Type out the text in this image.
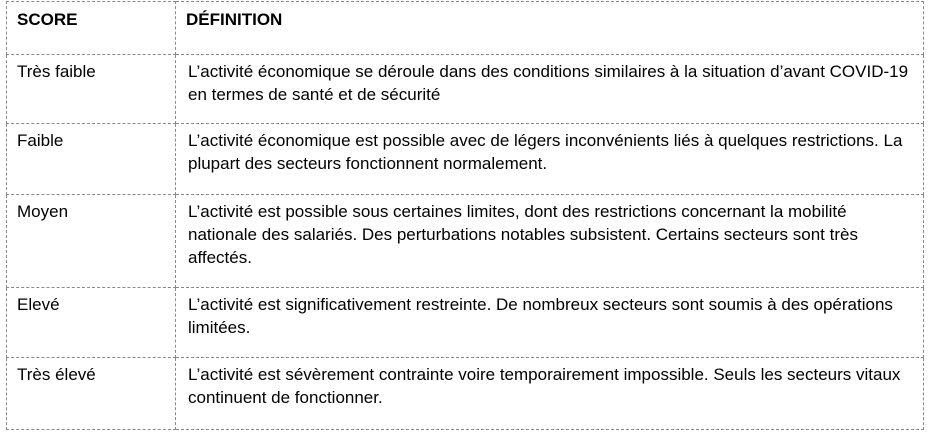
SCORE	DÉFINITION
Très faible	L’activité économique se déroule dans des conditions similaires à la situation d’avant COVID-19 en termes de santé et de sécurité
Faible	L’activité économique est possible avec de légers inconvénients liés à quelques restrictions. La plupart des secteurs fonctionnent normalement.
Moyen	L’activité est possible sous certaines limites, dont des restrictions concernant la mobilité nationale des salariés. Des perturbations notables subsistent. Certains secteurs sont très affectés.
Elevé	L’activité est significativement restreinte. De nombreux secteurs sont soumis à des opérations limitées.
Très élevé	L’activité est sévèrement contrainte voire temporairement impossible. Seuls les secteurs vitaux continuent de fonctionner.
